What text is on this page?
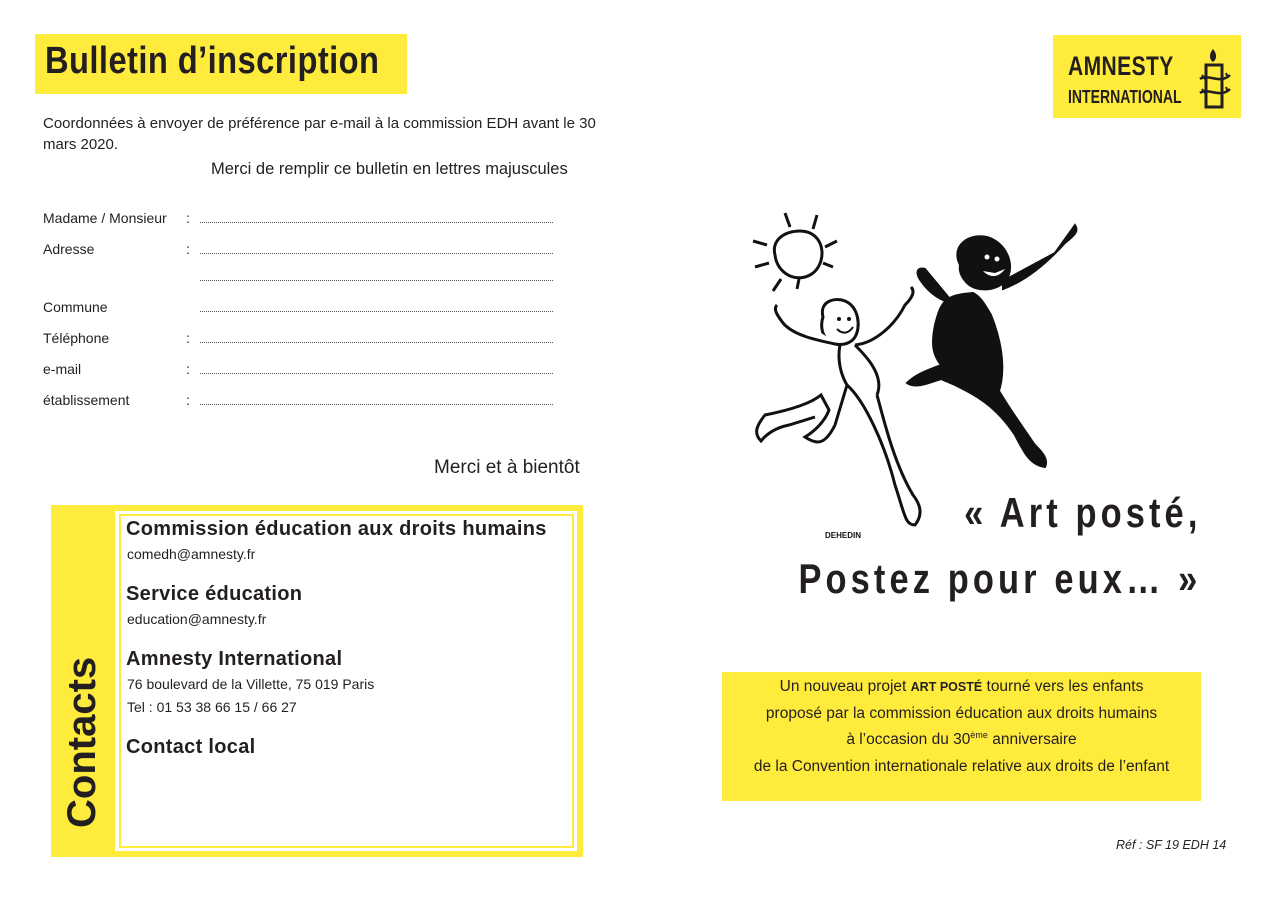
Bulletin d’inscription
Coordonnées à envoyer de préférence par e-mail à la commission EDH avant le 30 mars 2020.
Merci de remplir ce bulletin en lettres majuscules
Madame / Monsieur :
Adresse	:
Commune
Téléphone	:
e-mail	:
établissement	:
Merci et à bientôt
Contacts
Commission éducation aux droits humains
comedh@amnesty.fr
Service éducation
education@amnesty.fr
Amnesty International
76 boulevard de la Villette, 75 019 Paris
Tel : 01 53 38 66 15 / 66 27
Contact local
AMNESTY
INTERNATIONAL
DEHEDIN « Art posté,
Postez pour eux… »
Un nouveau projet ART POSTÉ tourné vers les enfants
proposé par la commission éducation aux droits humains
à l’occasion du 30ème anniversaire
de la Convention internationale relative aux droits de l’enfant
Réf : SF 19 EDH 14
